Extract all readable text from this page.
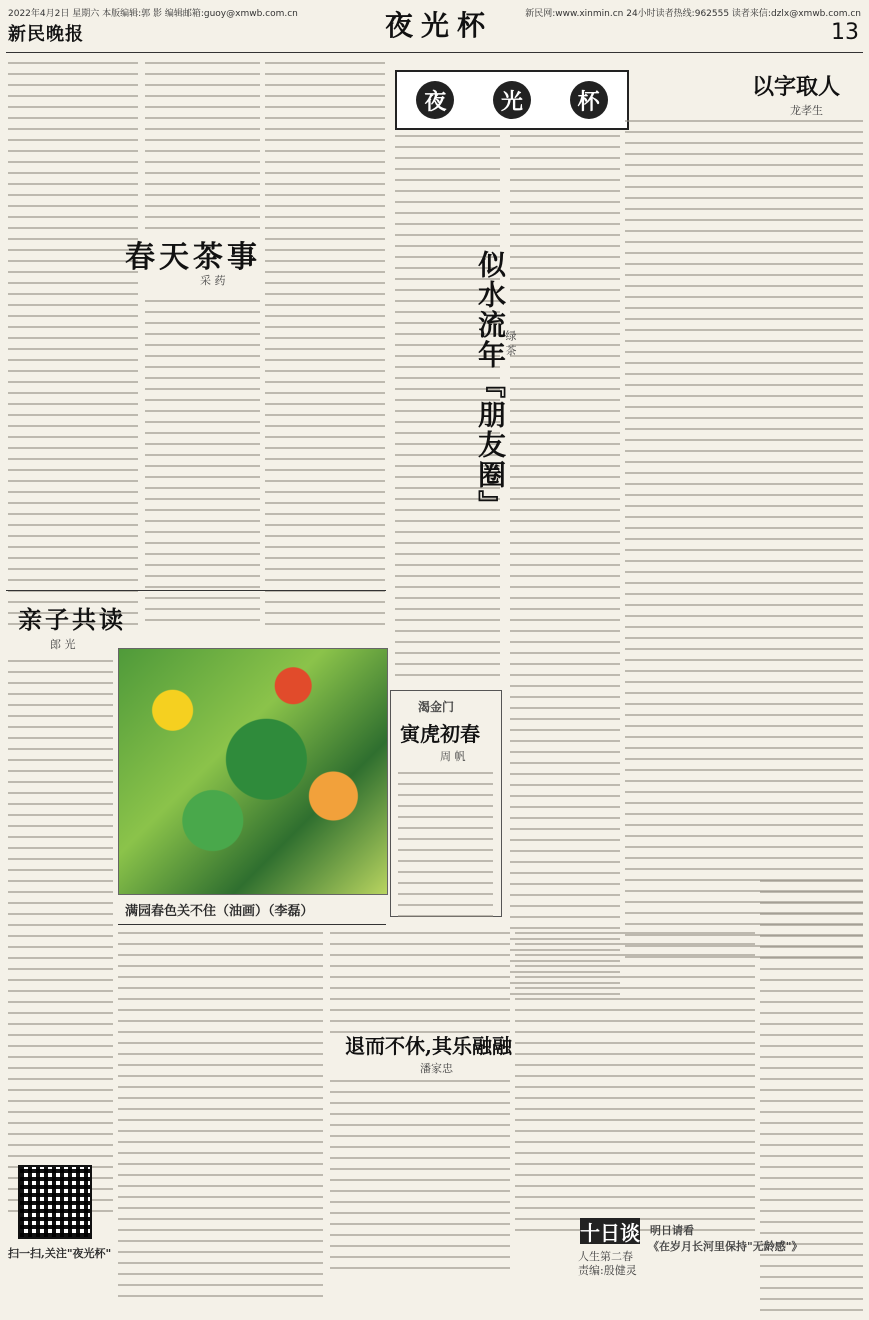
2022年4月2日 星期六 本版编辑:郭 影 编辑邮箱:guoy@xmwb.com.cn	新民网:www.xinmin.cn 24小时读者热线:962555 读者来信:dzlx@xmwb.com.cn
新民晚报	夜光杯	13
春天茶事
采 药
亲子共读
郎 光
满园春色关不住（油画）（李磊）
退而不休,其乐融融
潘家忠
夜	光	杯
似水流年『朋友圈』
绿 茶
渴金门
寅虎初春
周 帆
以字取人
龙孝生
扫一扫,关注"夜光杯"
十日谈
人生第二春
明日请看
《在岁月长河里保持"无龄感"》
责编:殷健灵
